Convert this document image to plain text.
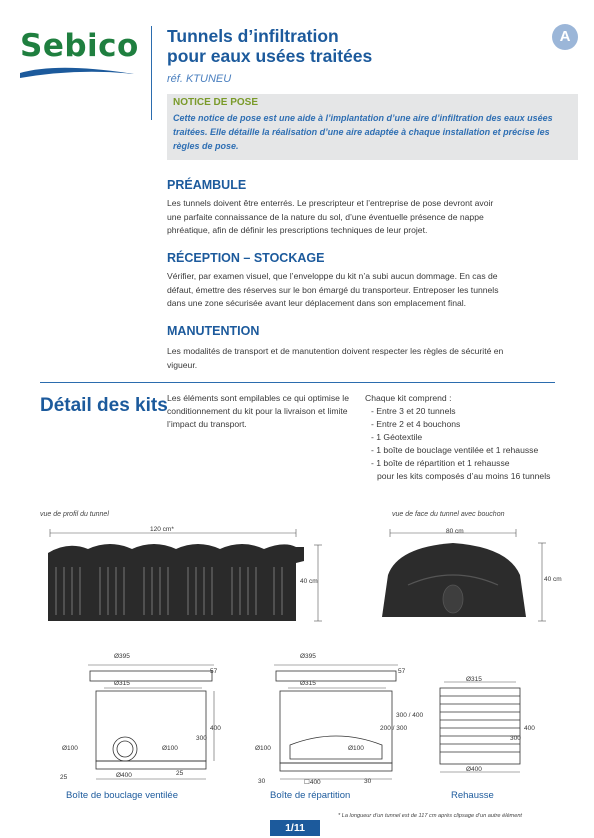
Sebico Tunnels d’infiltration
pour eaux usées traitées
réf. KTUNEU
A
NOTICE DE POSE
Cette notice de pose est une aide à l’implantation d’une aire d’infiltration des eaux usées traitées. Elle détaille la réalisation d’une aire adaptée à chaque installation et précise les règles de pose.
PRÉAMBULE
Les tunnels doivent être enterrés. Le prescripteur et l’entreprise de pose devront avoir une parfaite connaissance de la nature du sol, d’une éventuelle présence de nappe phréatique, afin de définir les prescriptions techniques de leur projet.
RÉCEPTION – STOCKAGE
Vérifier, par examen visuel, que l’enveloppe du kit n’a subi aucun dommage. En cas de défaut, émettre des réserves sur le bon émargé du transporteur. Entreposer les tunnels dans une zone sécurisée avant leur déplacement dans son emplacement final.
MANUTENTION
Les modalités de transport et de manutention doivent respecter les règles de sécurité en vigueur.
Détail des kits Les éléments sont empilables ce qui optimise le conditionnement du kit pour la livraison et limite l’impact du transport.
Chaque kit comprend :
- Entre 3 et 20 tunnels
- Entre 2 et 4 bouchons
- 1 Géotextile
- 1 boîte de bouclage ventilée et 1 rehausse
- 1 boîte de répartition et 1 rehausse
pour les kits composés d’au moins 16 tunnels
vue de profil du tunnel	vue de face du tunnel avec bouchon
120 cm*
40 cm
80 cm
40 cm
Ø395
Ø315
Ø400
Ø100	Ø100
57
300
400
25
25
Boîte de bouclage ventilée
Ø395
Ø315
☐400
Ø100	Ø100
57
200 / 300
300 / 400
30	30
Boîte de répartition
Ø315
Ø400
300
400
Rehausse
1/11
* La longueur d’un tunnel est de 117 cm après clipsage d’un autre élément
